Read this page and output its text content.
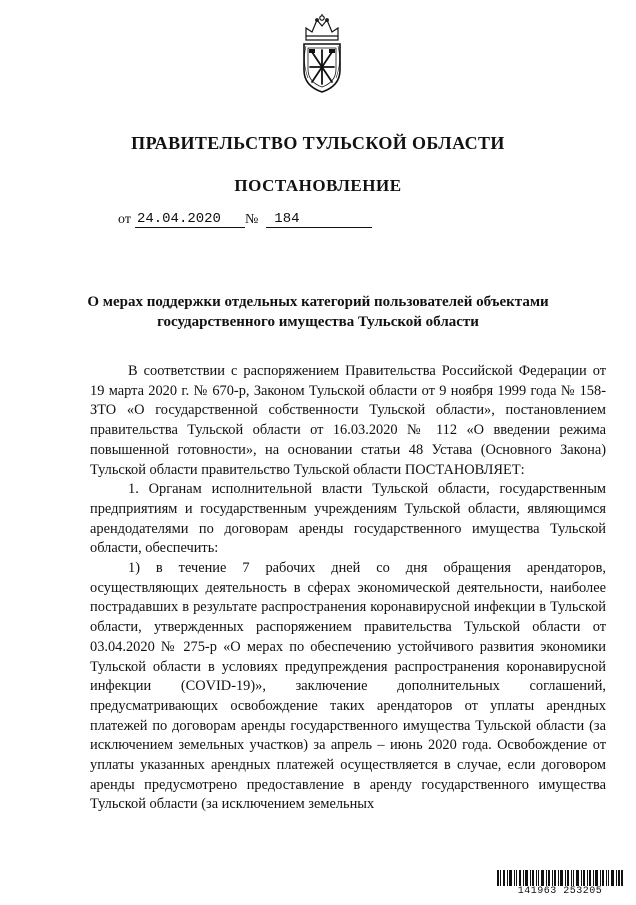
ПРАВИТЕЛЬСТВО ТУЛЬСКОЙ ОБЛАСТИ
ПОСТАНОВЛЕНИЕ
от 24.04.2020	№	184
О мерах поддержки отдельных категорий пользователей объектами государственного имущества Тульской области

В соответствии с распоряжением Правительства Российской Федерации от 19 марта 2020 г. № 670-р, Законом Тульской области от 9 ноября 1999 года № 158-ЗТО «О государственной собственности Тульской области», постановлением правительства Тульской области от 16.03.2020 № 112 «О введении режима повышенной готовности», на основании статьи 48 Устава (Основного Закона) Тульской области правительство Тульской области ПОСТАНОВЛЯЕТ:

1. Органам исполнительной власти Тульской области, государственным предприятиям и государственным учреждениям Тульской области, являющимся арендодателями по договорам аренды государственного имущества Тульской области, обеспечить:

1) в течение 7 рабочих дней со дня обращения арендаторов, осуществляющих деятельность в сферах экономической деятельности, наиболее пострадавших в результате распространения коронавирусной инфекции в Тульской области, утвержденных распоряжением правительства Тульской области от 03.04.2020 № 275-р «О мерах по обеспечению устойчивого развития экономики Тульской области в условиях предупреждения распространения коронавирусной инфекции (COVID-19)», заключение дополнительных соглашений, предусматривающих освобождение таких арендаторов от уплаты арендных платежей по договорам аренды государственного имущества Тульской области (за исключением земельных участков) за апрель – июнь 2020 года. Освобождение от уплаты указанных арендных платежей осуществляется в случае, если договором аренды предусмотрено предоставление в аренду государственного имущества Тульской области (за исключением земельных

141963 253205
